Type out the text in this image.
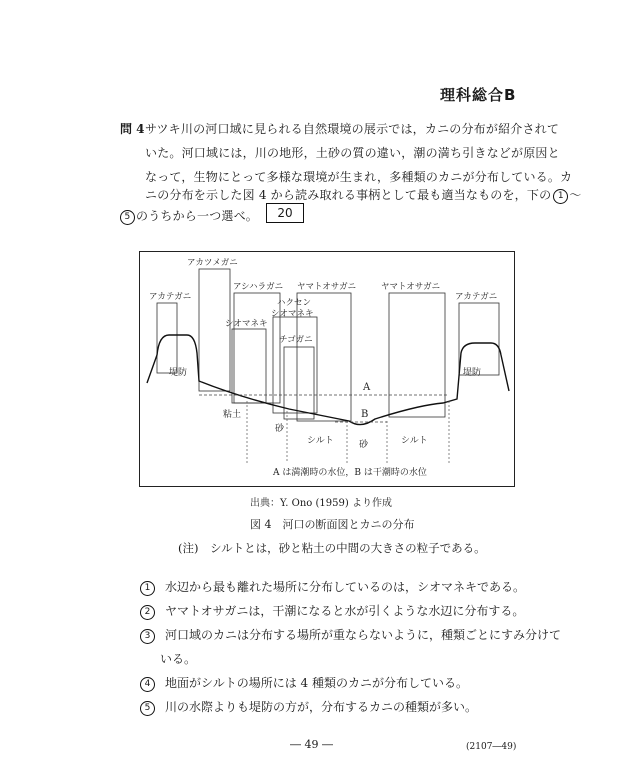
理科総合B
問 4 サツキ川の河口域に見られる自然環境の展示では，カニの分布が紹介されて
いた。河口域には，川の地形，土砂の質の違い，潮の満ち引きなどが原因と
なって，生物にとって多様な環境が生まれ，多種類のカニが分布している。カ
ニの分布を示した図 4 から読み取れる事柄として最も適当なものを，下の 1 〜
5 のうちから一つ選べ。	20
アカツメガニ
アカテガニ
アシハラガニ ヤマトオサガニ	ヤマトオサガニ
ハクセン
シオマネキ
シオマネキ
チゴガニ
アカテガニ
堤防	堤防
A
B
粘土
砂
シルト	砂	シルト
A は満潮時の水位，B は干潮時の水位
出典：Y. Ono (1959) より作成
図 4　河口の断面図とカニの分布
(注)　シルトとは，砂と粘土の中間の大きさの粒子である。
1 水辺から最も離れた場所に分布しているのは，シオマネキである。
2 ヤマトオサガニは，干潮になると水が引くような水辺に分布する。
3 河口域のカニは分布する場所が重ならないように，種類ごとにすみ分けて
いる。
4 地面がシルトの場所には 4 種類のカニが分布している。
5 川の水際よりも堤防の方が，分布するカニの種類が多い。
― 49 ―	(2107―49)
